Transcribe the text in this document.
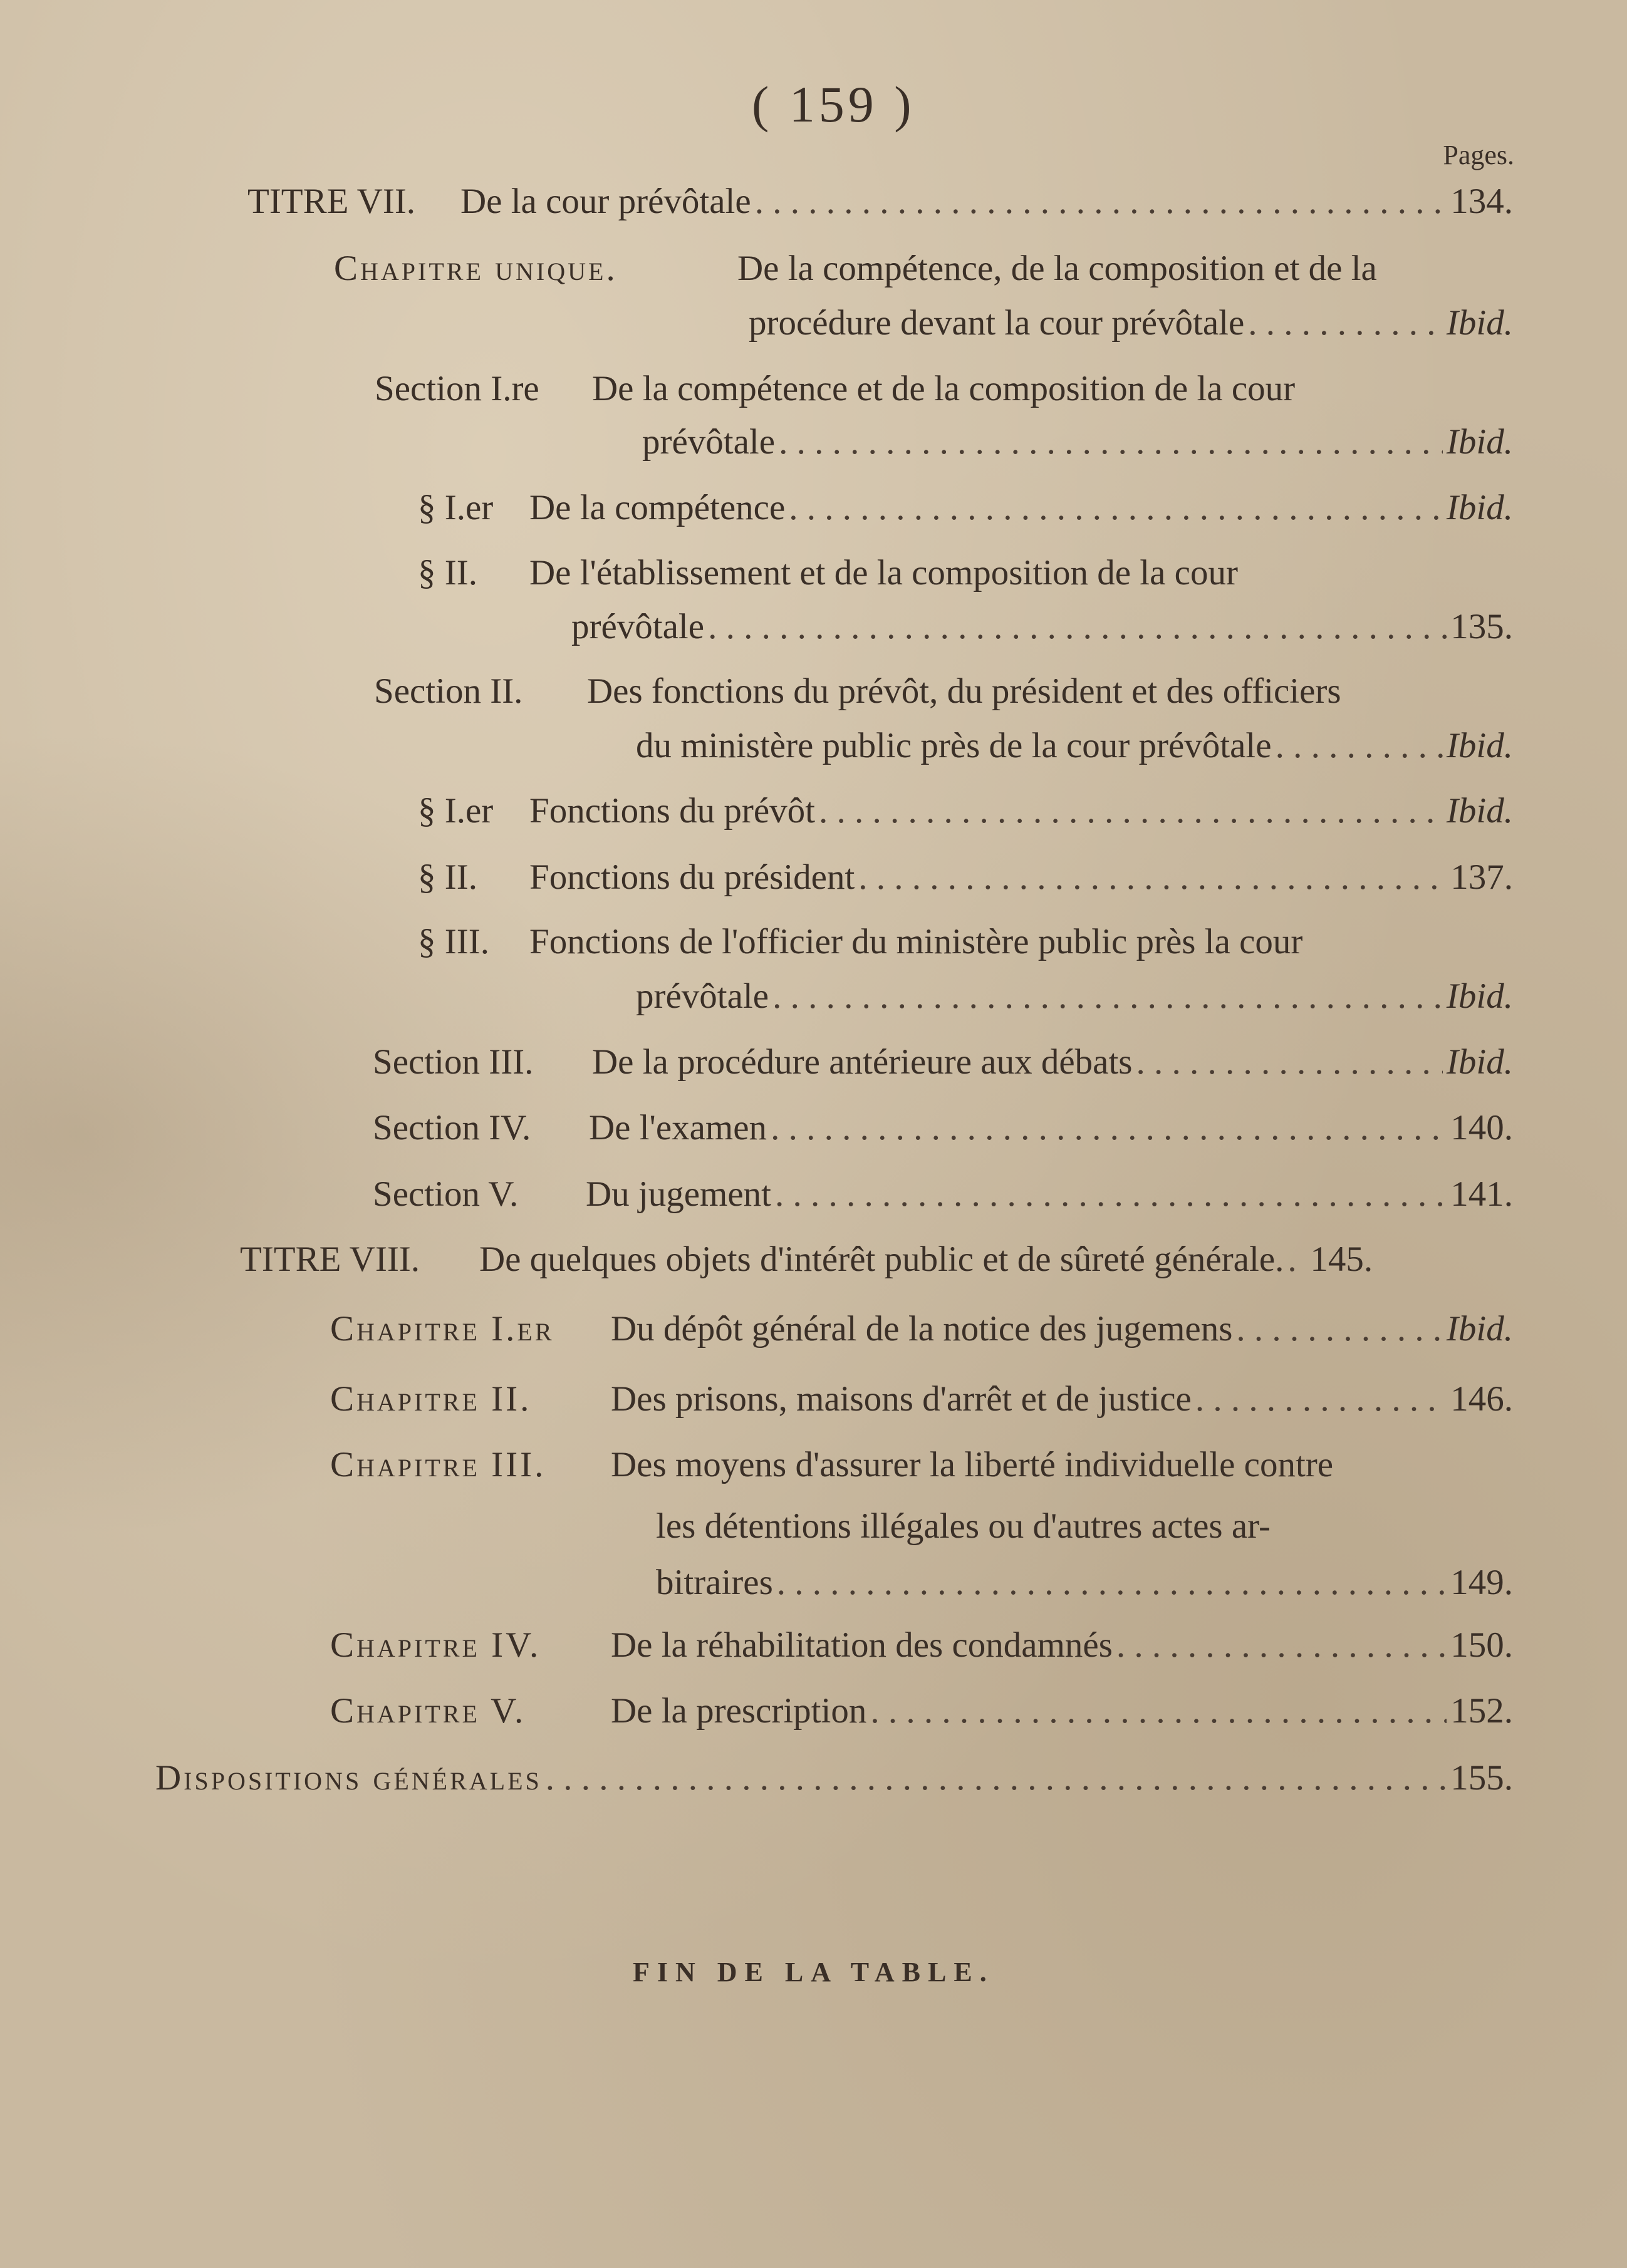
( 159 )
Pages.
TITRE VII. De la cour prévôtale . . .	134.
Chapitre unique.	De la compétence, de la composition et de la
procédure devant la cour prévôtale . . .	Ibid.
Section I.re De la compétence et de la composition de la cour
prévôtale . . .	Ibid.
§ I.er De la compétence . . .	Ibid.
§ II. De l'établissement et de la composition de la cour
prévôtale . . .	135.
Section II. Des fonctions du prévôt, du président et des officiers
du ministère public près de la cour prévôtale . . .	Ibid.
§ I.er Fonctions du prévôt . . .	Ibid.
§ II. Fonctions du président . . .	137.
§ III. Fonctions de l'officier du ministère public près la cour
prévôtale . . .	Ibid.
Section III. De la procédure antérieure aux débats . . .	Ibid.
Section IV. De l'examen . . .	140.
Section V. Du jugement . . .	141.
TITRE VIII. De quelques objets d'intérêt public et de sûreté générale. . . . 145.
Chapitre I.er Du dépôt général de la notice des jugemens . . .	Ibid.
Chapitre II. Des prisons, maisons d'arrêt et de justice . . .	146.
Chapitre III. Des moyens d'assurer la liberté individuelle contre
les détentions illégales ou d'autres actes ar-
bitraires . . .	149.
Chapitre IV. De la réhabilitation des condamnés . . .	150.
Chapitre V. De la prescription . . .	152.
Dispositions générales . . .	155.
FIN DE LA TABLE.
